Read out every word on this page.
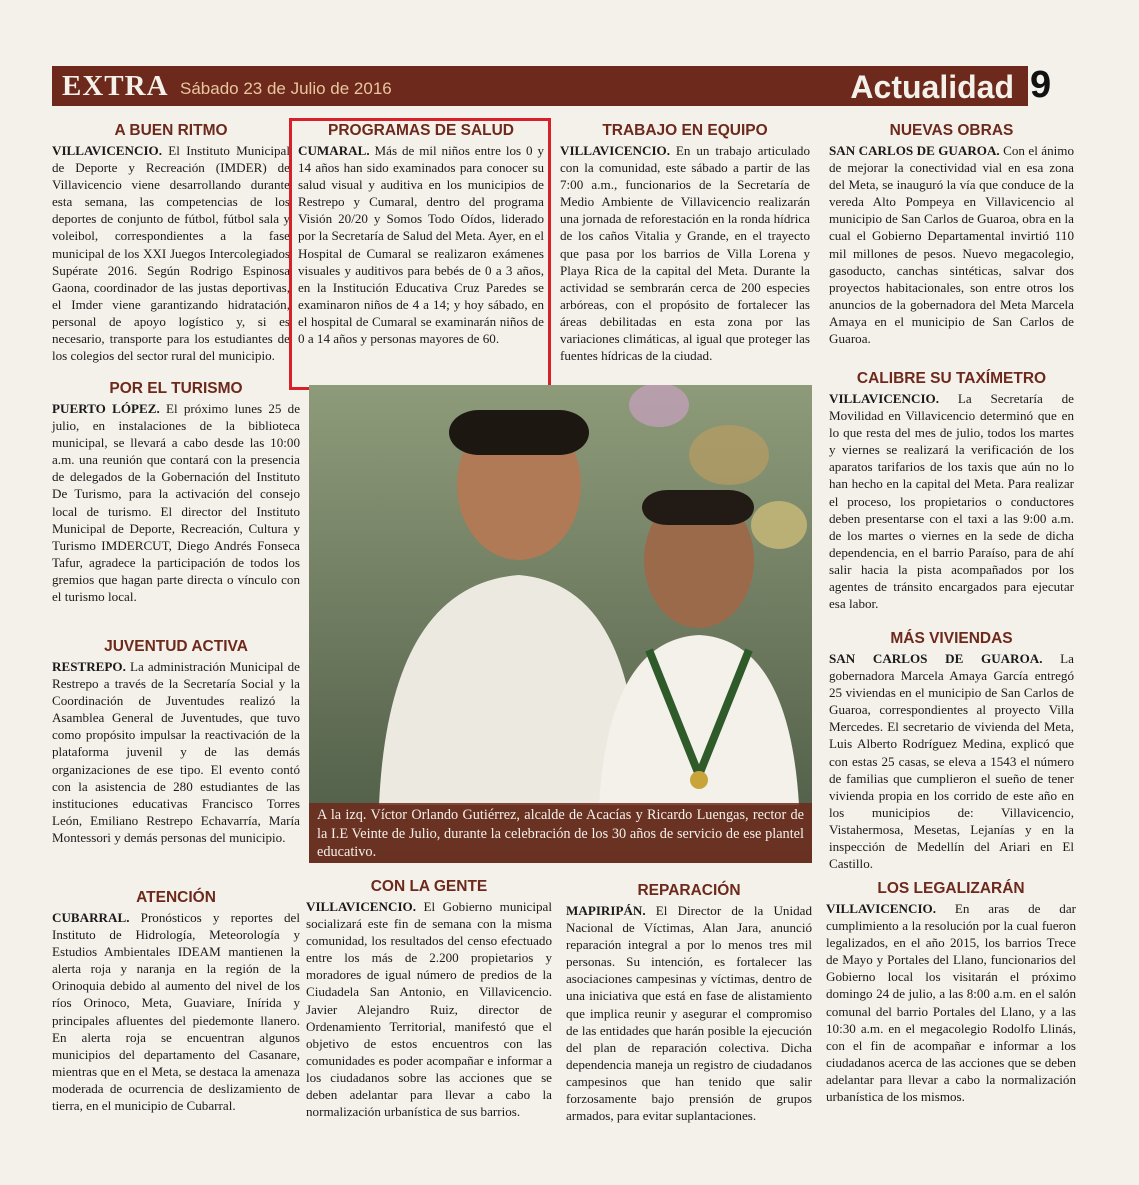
EXTRA Sábado 23 de Julio de 2016	Actualidad 9
A BUEN RITMO

VILLAVICENCIO. El Instituto Municipal de Deporte y Recreación (IMDER) de Villavicencio viene desarrollando durante esta semana, las competencias de los deportes de conjunto de fútbol, fútbol sala y voleibol, correspondientes a la fase municipal de los XXI Juegos Intercolegiados Supérate 2016. Según Rodrigo Espinosa Gaona, coordinador de las justas deportivas, el Imder viene garantizando hidratación, personal de apoyo logístico y, si es necesario, transporte para los estudiantes de los colegios del sector rural del municipio.

POR EL TURISMO

PUERTO LÓPEZ. El próximo lunes 25 de julio, en instalaciones de la biblioteca municipal, se llevará a cabo desde las 10:00 a.m. una reunión que contará con la presencia de delegados de la Gobernación del Instituto De Turismo, para la activación del consejo local de turismo. El director del Instituto Municipal de Deporte, Recreación, Cultura y Turismo IMDERCUT, Diego Andrés Fonseca Tafur, agradece la participación de todos los gremios que hagan parte directa o vínculo con el turismo local.

JUVENTUD ACTIVA

RESTREPO. La administración Municipal de Restrepo a través de la Secretaría Social y la Coordinación de Juventudes realizó la Asamblea General de Juventudes, que tuvo como propósito impulsar la reactivación de la plataforma juvenil y de las demás organizaciones de ese tipo. El evento contó con la asistencia de 280 estudiantes de las instituciones educativas Francisco Torres León, Emiliano Restrepo Echavarría, María Montessori y demás personas del municipio.

ATENCIÓN

CUBARRAL. Pronósticos y reportes del Instituto de Hidrología, Meteorología y Estudios Ambientales IDEAM mantienen la alerta roja y naranja en la región de la Orinoquia debido al aumento del nivel de los ríos Orinoco, Meta, Guaviare, Inírida y principales afluentes del piedemonte llanero. En alerta roja se encuentran algunos municipios del departamento del Casanare, mientras que en el Meta, se destaca la amenaza moderada de ocurrencia de deslizamiento de tierra, en el municipio de Cubarral.

PROGRAMAS DE SALUD

CUMARAL. Más de mil niños entre los 0 y 14 años han sido examinados para conocer su salud visual y auditiva en los municipios de Restrepo y Cumaral, dentro del programa Visión 20/20 y Somos Todo Oídos, liderado por la Secretaría de Salud del Meta. Ayer, en el Hospital de Cumaral se realizaron exámenes visuales y auditivos para bebés de 0 a 3 años, en la Institución Educativa Cruz Paredes se examinaron niños de 4 a 14; y hoy sábado, en el hospital de Cumaral se examinarán niños de 0 a 14 años y personas mayores de 60.

TRABAJO EN EQUIPO

VILLAVICENCIO. En un trabajo articulado con la comunidad, este sábado a partir de las 7:00 a.m., funcionarios de la Secretaría de Medio Ambiente de Villavicencio realizarán una jornada de reforestación en la ronda hídrica de los caños Vitalia y Grande, en el trayecto que pasa por los barrios de Villa Lorena y Playa Rica de la capital del Meta. Durante la actividad se sembrarán cerca de 200 especies arbóreas, con el propósito de fortalecer las áreas debilitadas en esta zona por las variaciones climáticas, al igual que proteger las fuentes hídricas de la ciudad.

A la izq. Víctor Orlando Gutiérrez, alcalde de Acacías y Ricardo Luengas, rector de la I.E Veinte de Julio, durante la celebración de los 30 años de servicio de ese plantel educativo.
NUEVAS OBRAS

SAN CARLOS DE GUAROA. Con el ánimo de mejorar la conectividad vial en esa zona del Meta, se inauguró la vía que conduce de la vereda Alto Pompeya en Villavicencio al municipio de San Carlos de Guaroa, obra en la cual el Gobierno Departamental invirtió 110 mil millones de pesos. Nuevo megacolegio, gasoducto, canchas sintéticas, salvar dos proyectos habitacionales, son entre otros los anuncios de la gobernadora del Meta Marcela Amaya en el municipio de San Carlos de Guaroa.

CALIBRE SU TAXÍMETRO

VILLAVICENCIO. La Secretaría de Movilidad en Villavicencio determinó que en lo que resta del mes de julio, todos los martes y viernes se realizará la verificación de los aparatos tarifarios de los taxis que aún no lo han hecho en la capital del Meta. Para realizar el proceso, los propietarios o conductores deben presentarse con el taxi a las 9:00 a.m. de los martes o viernes en la sede de dicha dependencia, en el barrio Paraíso, para de ahí salir hacia la pista acompañados por los agentes de tránsito encargados para ejecutar esa labor.

MÁS VIVIENDAS

SAN CARLOS DE GUAROA. La gobernadora Marcela Amaya García entregó 25 viviendas en el municipio de San Carlos de Guaroa, correspondientes al proyecto Villa Mercedes. El secretario de vivienda del Meta, Luis Alberto Rodríguez Medina, explicó que con estas 25 casas, se eleva a 1543 el número de familias que cumplieron el sueño de tener vivienda propia en los corrido de este año en los municipios de: Villavicencio, Vistahermosa, Mesetas, Lejanías y en la inspección de Medellín del Ariari en El Castillo.

CON LA GENTE

VILLAVICENCIO. El Gobierno municipal socializará este fin de semana con la misma comunidad, los resultados del censo efectuado entre los más de 2.200 propietarios y moradores de igual número de predios de la Ciudadela San Antonio, en Villavicencio. Javier Alejandro Ruiz, director de Ordenamiento Territorial, manifestó que el objetivo de estos encuentros con las comunidades es poder acompañar e informar a los ciudadanos sobre las acciones que se deben adelantar para llevar a cabo la normalización urbanística de sus barrios.

REPARACIÓN

MAPIRIPÁN. El Director de la Unidad Nacional de Víctimas, Alan Jara, anunció reparación integral a por lo menos tres mil personas. Su intención, es fortalecer las asociaciones campesinas y víctimas, dentro de una iniciativa que está en fase de alistamiento que implica reunir y asegurar el compromiso de las entidades que harán posible la ejecución del plan de reparación colectiva. Dicha dependencia maneja un registro de ciudadanos campesinos que han tenido que salir forzosamente bajo prensión de grupos armados, para evitar suplantaciones.

LOS LEGALIZARÁN

VILLAVICENCIO. En aras de dar cumplimiento a la resolución por la cual fueron legalizados, en el año 2015, los barrios Trece de Mayo y Portales del Llano, funcionarios del Gobierno local los visitarán el próximo domingo 24 de julio, a las 8:00 a.m. en el salón comunal del barrio Portales del Llano, y a las 10:30 a.m. en el megacolegio Rodolfo Llinás, con el fin de acompañar e informar a los ciudadanos acerca de las acciones que se deben adelantar para llevar a cabo la normalización urbanística de los mismos.
